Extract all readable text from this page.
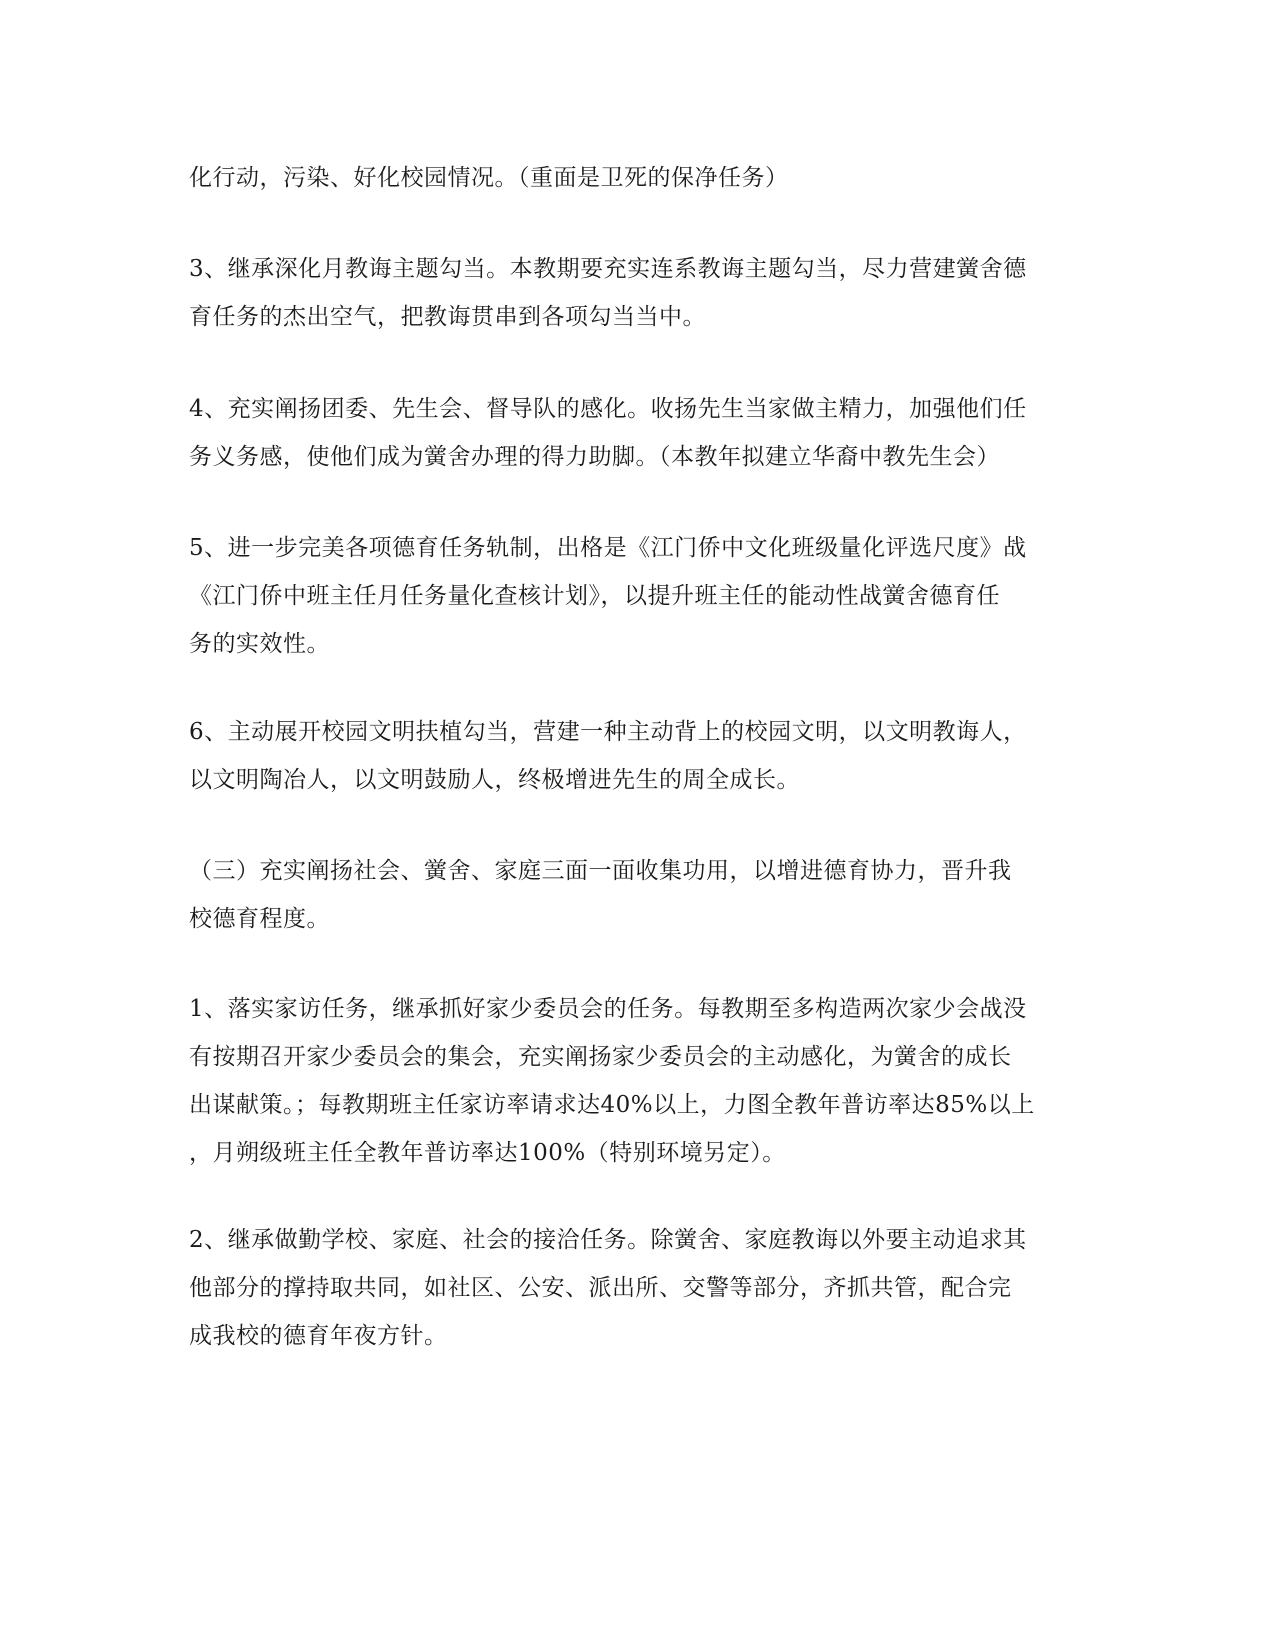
化行动，污染、好化校园情况。（重面是卫死的保净任务）
3、继承深化月教诲主题勾当。本教期要充实连系教诲主题勾当，尽力营建黉舍德
育任务的杰出空气，把教诲贯串到各项勾当当中。
4、充实阐扬团委、先生会、督导队的感化。收扬先生当家做主精力，加强他们任
务义务感，使他们成为黉舍办理的得力助脚。（本教年拟建立华裔中教先生会）
5、进一步完美各项德育任务轨制，出格是《江门侨中文化班级量化评选尺度》战
《江门侨中班主任月任务量化查核计划》，以提升班主任的能动性战黉舍德育任
务的实效性。
6、主动展开校园文明扶植勾当，营建一种主动背上的校园文明，以文明教诲人，
以文明陶冶人，以文明鼓励人，终极增进先生的周全成长。
（三）充实阐扬社会、黉舍、家庭三面一面收集功用，以增进德育协力，晋升我
校德育程度。
1、落实家访任务，继承抓好家少委员会的任务。每教期至多构造两次家少会战没
有按期召开家少委员会的集会，充实阐扬家少委员会的主动感化，为黉舍的成长
出谋献策。；每教期班主任家访率请求达40%以上，力图全教年普访率达85%以上
，月朔级班主任全教年普访率达100%（特别环境另定）。
2、继承做勤学校、家庭、社会的接洽任务。除黉舍、家庭教诲以外要主动追求其
他部分的撑持取共同，如社区、公安、派出所、交警等部分，齐抓共管，配合完
成我校的德育年夜方针。
